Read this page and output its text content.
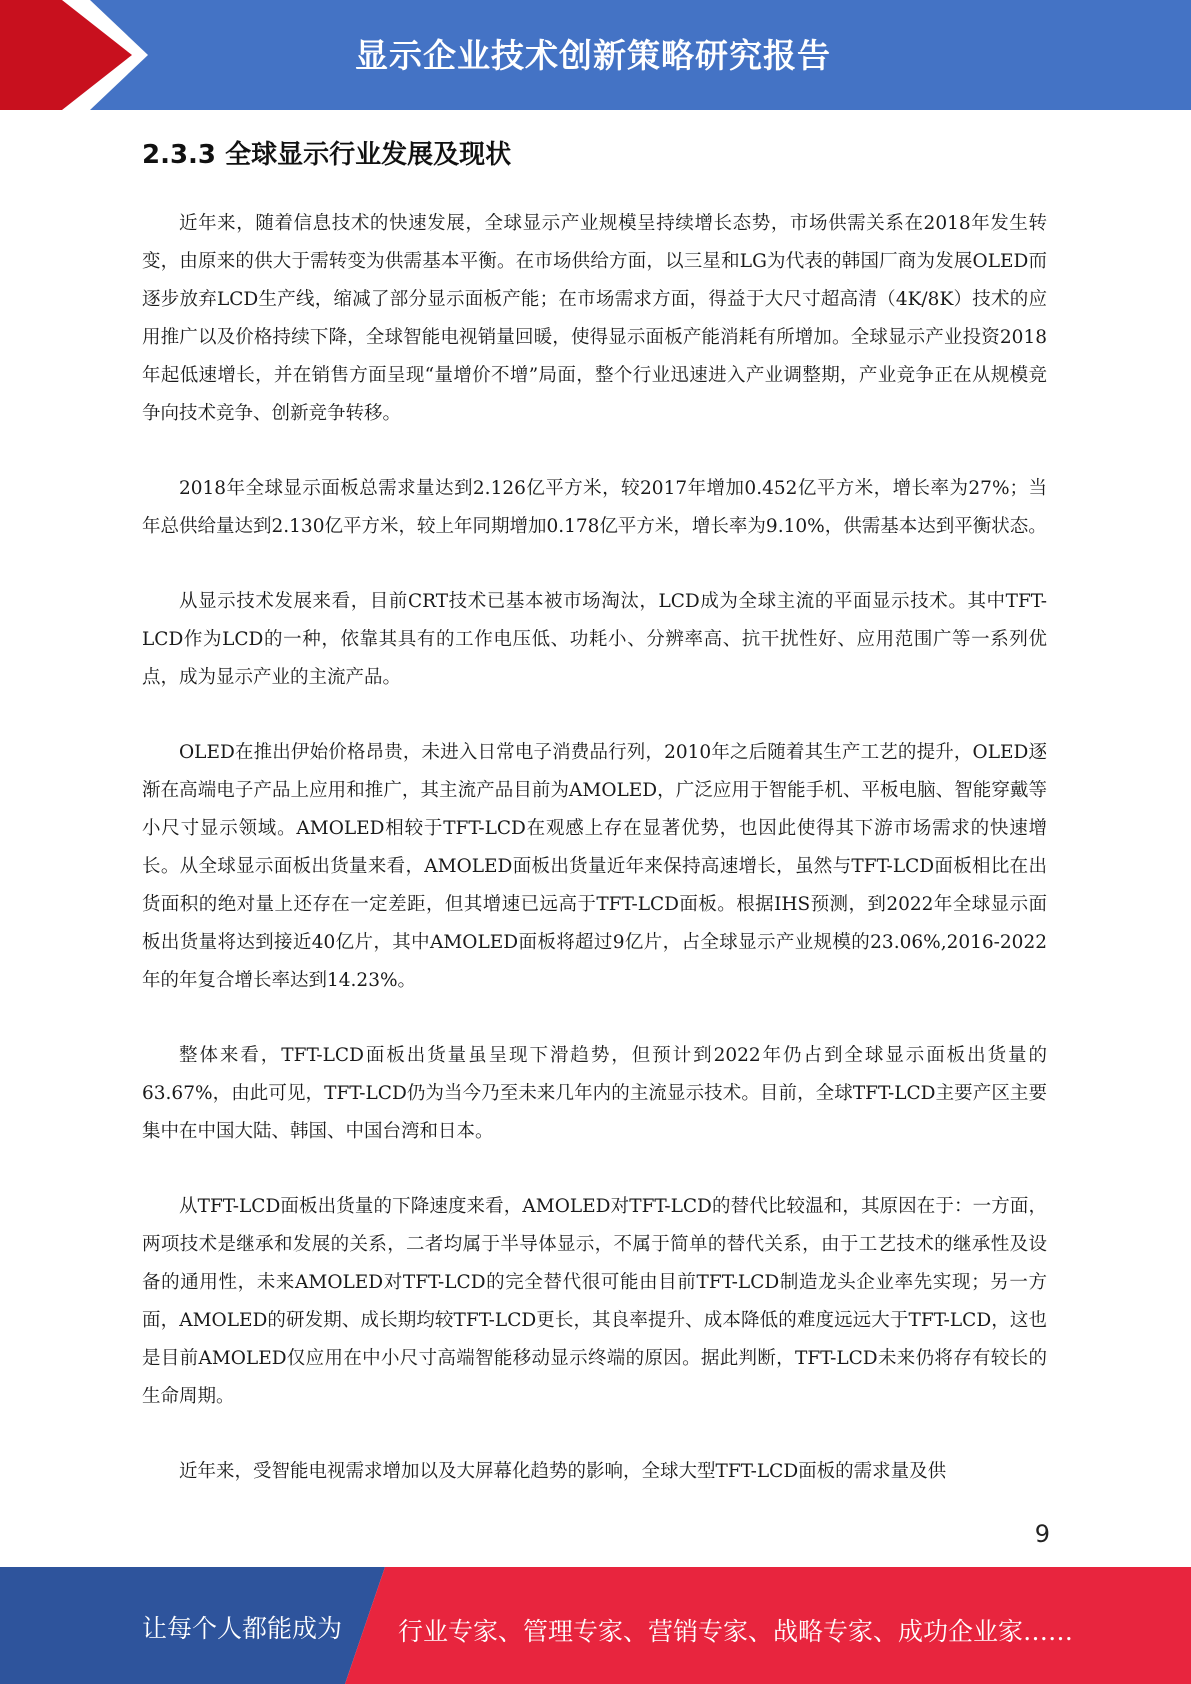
显示企业技术创新策略研究报告
2.3.3 全球显示行业发展及现状

近年来，随着信息技术的快速发展，全球显示产业规模呈持续增长态势，市场供需关系在2018年发生转变，由原来的供大于需转变为供需基本平衡。在市场供给方面，以三星和LG为代表的韩国厂商为发展OLED而逐步放弃LCD生产线，缩减了部分显示面板产能；在市场需求方面，得益于大尺寸超高清（4K/8K）技术的应用推广以及价格持续下降，全球智能电视销量回暖，使得显示面板产能消耗有所增加。全球显示产业投资2018年起低速增长，并在销售方面呈现“量增价不增”局面，整个行业迅速进入产业调整期，产业竞争正在从规模竞争向技术竞争、创新竞争转移。

2018年全球显示面板总需求量达到2.126亿平方米，较2017年增加0.452亿平方米，增长率为27%；当年总供给量达到2.130亿平方米，较上年同期增加0.178亿平方米，增长率为9.10%，供需基本达到平衡状态。

从显示技术发展来看，目前CRT技术已基本被市场淘汰，LCD成为全球主流的平面显示技术。其中TFT-LCD作为LCD的一种，依靠其具有的工作电压低、功耗小、分辨率高、抗干扰性好、应用范围广等一系列优点，成为显示产业的主流产品。

OLED在推出伊始价格昂贵，未进入日常电子消费品行列，2010年之后随着其生产工艺的提升，OLED逐渐在高端电子产品上应用和推广，其主流产品目前为AMOLED，广泛应用于智能手机、平板电脑、智能穿戴等小尺寸显示领域。AMOLED相较于TFT-LCD在观感上存在显著优势，也因此使得其下游市场需求的快速增长。从全球显示面板出货量来看，AMOLED面板出货量近年来保持高速增长，虽然与TFT-LCD面板相比在出货面积的绝对量上还存在一定差距，但其增速已远高于TFT-LCD面板。根据IHS预测，到2022年全球显示面板出货量将达到接近40亿片，其中AMOLED面板将超过9亿片，占全球显示产业规模的23.06%,2016-2022年的年复合增长率达到14.23%。

整体来看，TFT-LCD面板出货量虽呈现下滑趋势，但预计到2022年仍占到全球显示面板出货量的63.67%，由此可见，TFT-LCD仍为当今乃至未来几年内的主流显示技术。目前，全球TFT-LCD主要产区主要集中在中国大陆、韩国、中国台湾和日本。

从TFT-LCD面板出货量的下降速度来看，AMOLED对TFT-LCD的替代比较温和，其原因在于：一方面，两项技术是继承和发展的关系，二者均属于半导体显示，不属于简单的替代关系，由于工艺技术的继承性及设备的通用性，未来AMOLED对TFT-LCD的完全替代很可能由目前TFT-LCD制造龙头企业率先实现；另一方面，AMOLED的研发期、成长期均较TFT-LCD更长，其良率提升、成本降低的难度远远大于TFT-LCD，这也是目前AMOLED仅应用在中小尺寸高端智能移动显示终端的原因。据此判断，TFT-LCD未来仍将存有较长的生命周期。

近年来，受智能电视需求增加以及大屏幕化趋势的影响，全球大型TFT-LCD面板的需求量及供

9
让每个人都能成为 行业专家、管理专家、营销专家、战略专家、成功企业家……
